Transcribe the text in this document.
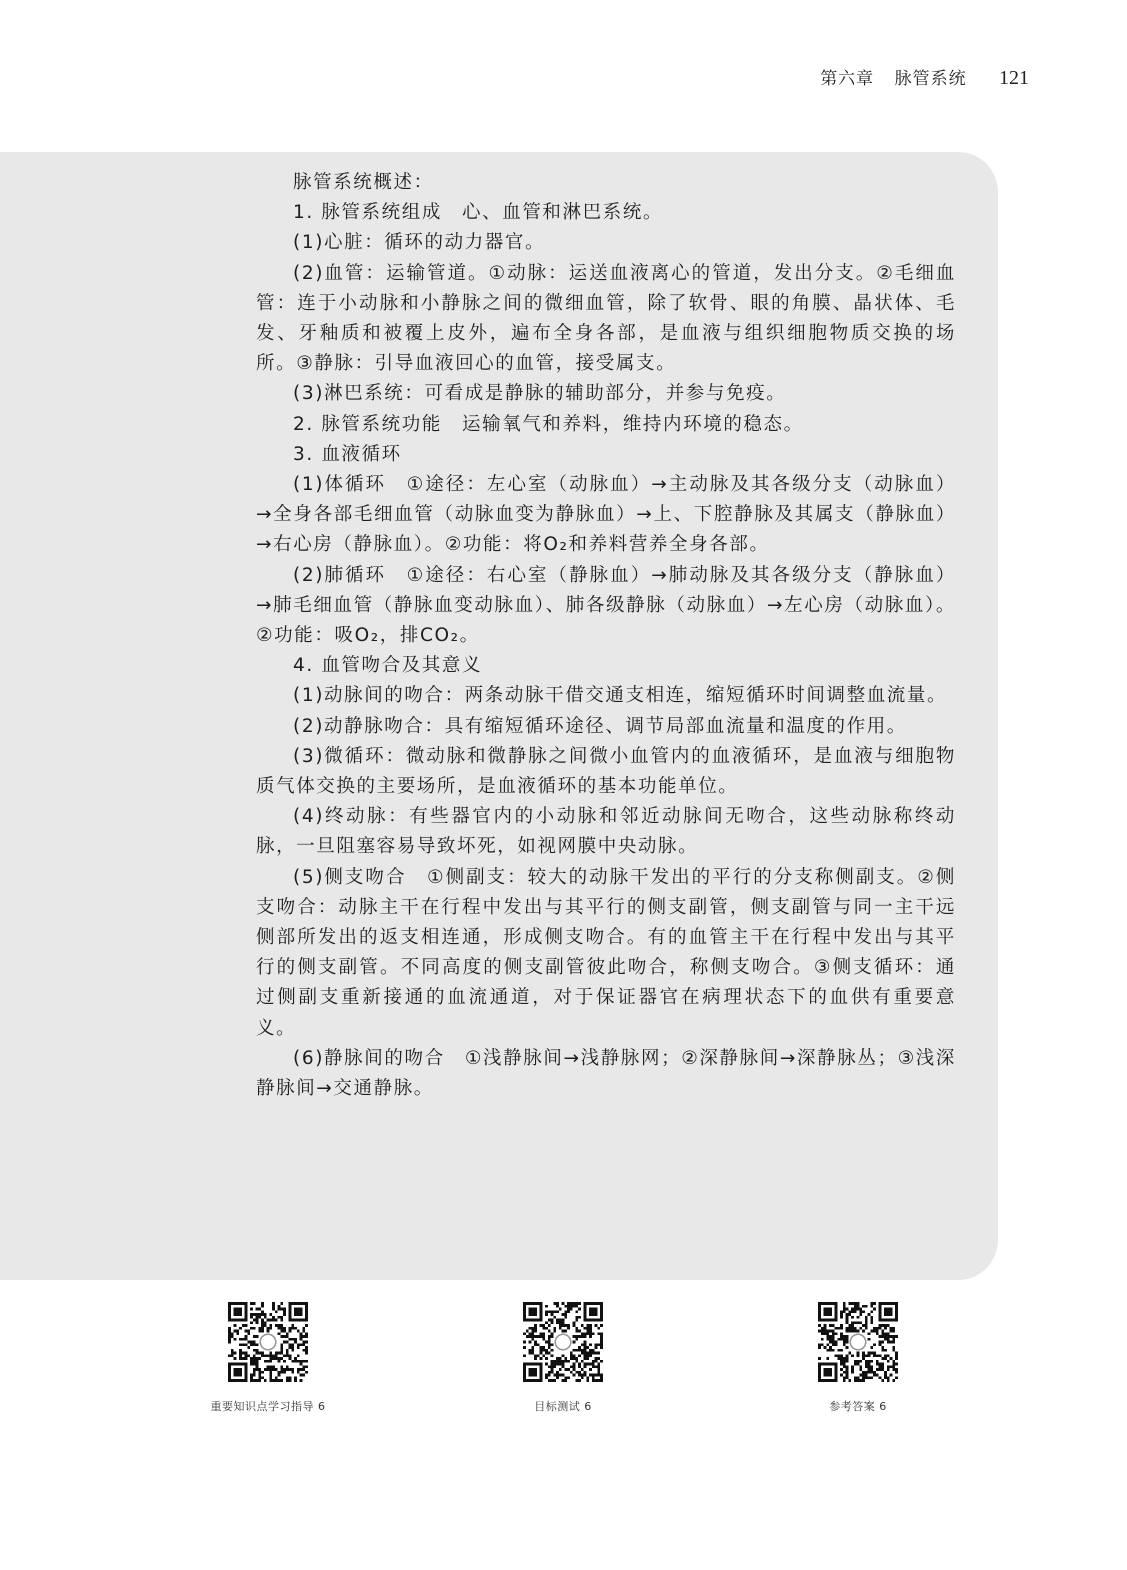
第六章 脉管系统 121

脉管系统概述：

1. 脉管系统组成　心、血管和淋巴系统。

(1)心脏：循环的动力器官。

(2)血管：运输管道。①动脉：运送血液离心的管道，发出分支。②毛细血管：连于小动脉和小静脉之间的微细血管，除了软骨、眼的角膜、晶状体、毛发、牙釉质和被覆上皮外，遍布全身各部，是血液与组织细胞物质交换的场所。③静脉：引导血液回心的血管，接受属支。

(3)淋巴系统：可看成是静脉的辅助部分，并参与免疫。

2. 脉管系统功能　运输氧气和养料，维持内环境的稳态。

3. 血液循环

(1)体循环　①途径：左心室（动脉血）→主动脉及其各级分支（动脉血）→全身各部毛细血管（动脉血变为静脉血）→上、下腔静脉及其属支（静脉血）→右心房（静脉血）。②功能：将O₂和养料营养全身各部。

(2)肺循环　①途径：右心室（静脉血）→肺动脉及其各级分支（静脉血）→肺毛细血管（静脉血变动脉血）、肺各级静脉（动脉血）→左心房（动脉血）。②功能：吸O₂，排CO₂。

4. 血管吻合及其意义

(1)动脉间的吻合：两条动脉干借交通支相连，缩短循环时间调整血流量。

(2)动静脉吻合：具有缩短循环途径、调节局部血流量和温度的作用。

(3)微循环：微动脉和微静脉之间微小血管内的血液循环，是血液与细胞物质气体交换的主要场所，是血液循环的基本功能单位。

(4)终动脉：有些器官内的小动脉和邻近动脉间无吻合，这些动脉称终动脉，一旦阻塞容易导致坏死，如视网膜中央动脉。

(5)侧支吻合　①侧副支：较大的动脉干发出的平行的分支称侧副支。②侧支吻合：动脉主干在行程中发出与其平行的侧支副管，侧支副管与同一主干远侧部所发出的返支相连通，形成侧支吻合。有的血管主干在行程中发出与其平行的侧支副管。不同高度的侧支副管彼此吻合，称侧支吻合。③侧支循环：通过侧副支重新接通的血流通道，对于保证器官在病理状态下的血供有重要意义。

(6)静脉间的吻合　①浅静脉间→浅静脉网；②深静脉间→深静脉丛；③浅深静脉间→交通静脉。

重要知识点学习指导 6	目标测试 6	参考答案 6
